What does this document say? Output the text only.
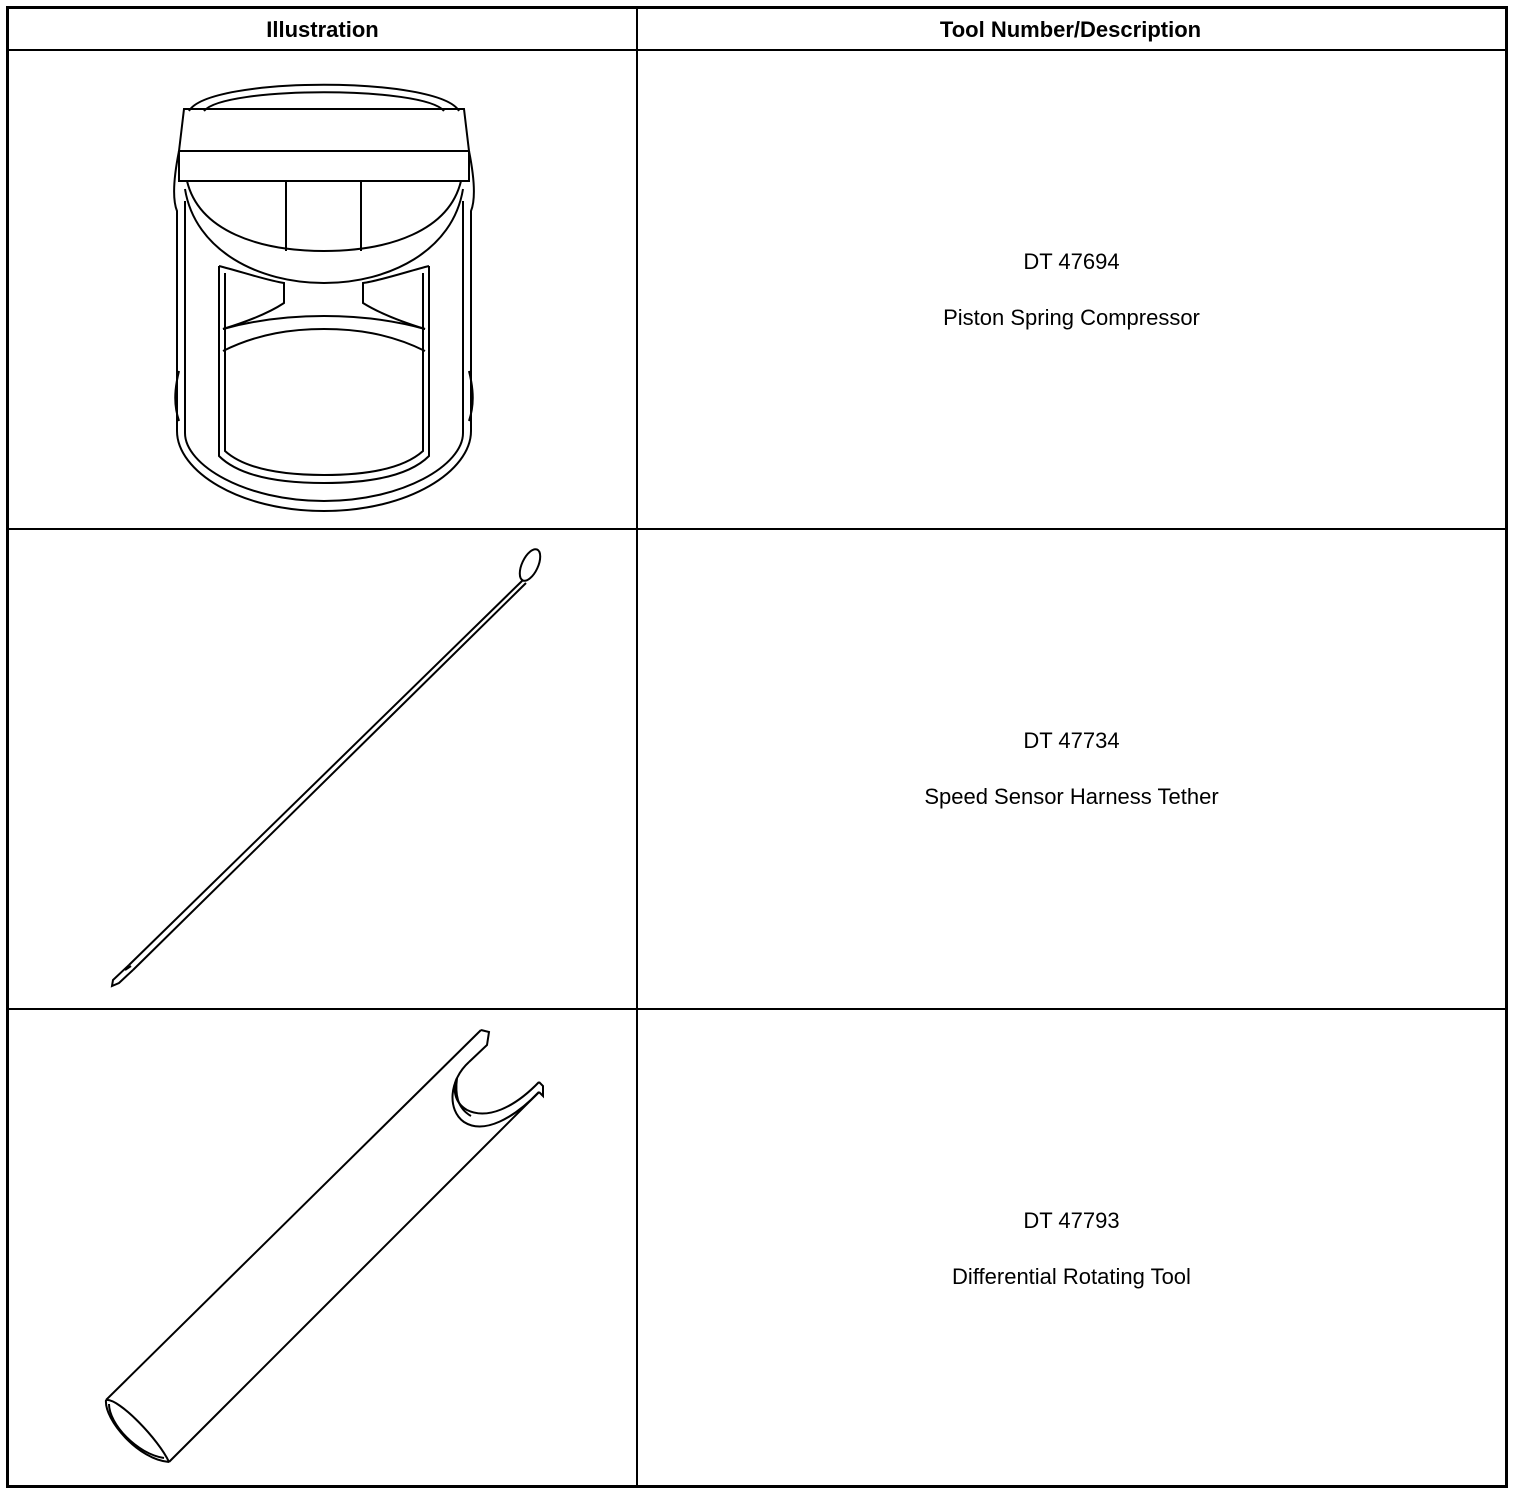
Illustration	Tool Number/Description
DT 47694
Piston Spring Compressor
DT 47734
Speed Sensor Harness Tether
DT 47793
Differential Rotating Tool
